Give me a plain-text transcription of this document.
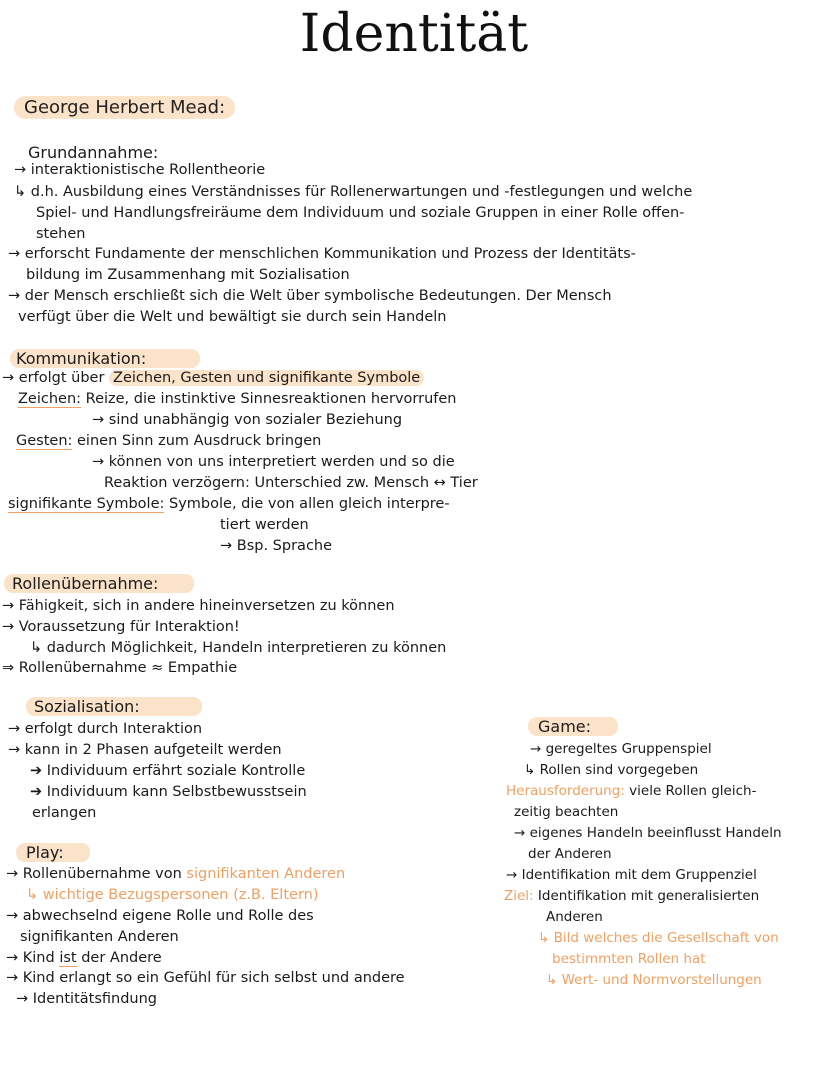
Identität
George Herbert Mead:
Grundannahme:
→ interaktionistische Rollentheorie
↳ d.h. Ausbildung eines Verständnisses für Rollenerwartungen und -festlegungen und welche
Spiel- und Handlungsfreiräume dem Individuum und soziale Gruppen in einer Rolle offen-
stehen
→ erforscht Fundamente der menschlichen Kommunikation und Prozess der Identitäts-
bildung im Zusammenhang mit Sozialisation
→ der Mensch erschließt sich die Welt über symbolische Bedeutungen. Der Mensch
verfügt über die Welt und bewältigt sie durch sein Handeln
Kommunikation:
→ erfolgt über Zeichen, Gesten und signifikante Symbole
Zeichen: Reize, die instinktive Sinnesreaktionen hervorrufen
→ sind unabhängig von sozialer Beziehung
Gesten: einen Sinn zum Ausdruck bringen
→ können von uns interpretiert werden und so die
Reaktion verzögern: Unterschied zw. Mensch ↔ Tier
signifikante Symbole: Symbole, die von allen gleich interpre-
tiert werden
→ Bsp. Sprache
Rollenübernahme:
→ Fähigkeit, sich in andere hineinversetzen zu können
→ Voraussetzung für Interaktion!
↳ dadurch Möglichkeit, Handeln interpretieren zu können
⇒ Rollenübernahme ≈ Empathie
Sozialisation:
→ erfolgt durch Interaktion
→ kann in 2 Phasen aufgeteilt werden
➔ Individuum erfährt soziale Kontrolle
➔ Individuum kann Selbstbewusstsein
erlangen
Play:
→ Rollenübernahme von signifikanten Anderen
↳ wichtige Bezugspersonen (z.B. Eltern)
→ abwechselnd eigene Rolle und Rolle des
signifikanten Anderen
→ Kind ist der Andere
→ Kind erlangt so ein Gefühl für sich selbst und andere
→ Identitätsfindung
Game:
→ geregeltes Gruppenspiel
↳ Rollen sind vorgegeben
Herausforderung: viele Rollen gleich-
zeitig beachten
→ eigenes Handeln beeinflusst Handeln
der Anderen
→ Identifikation mit dem Gruppenziel
Ziel: Identifikation mit generalisierten
Anderen
↳ Bild welches die Gesellschaft von
bestimmten Rollen hat
↳ Wert- und Normvorstellungen
